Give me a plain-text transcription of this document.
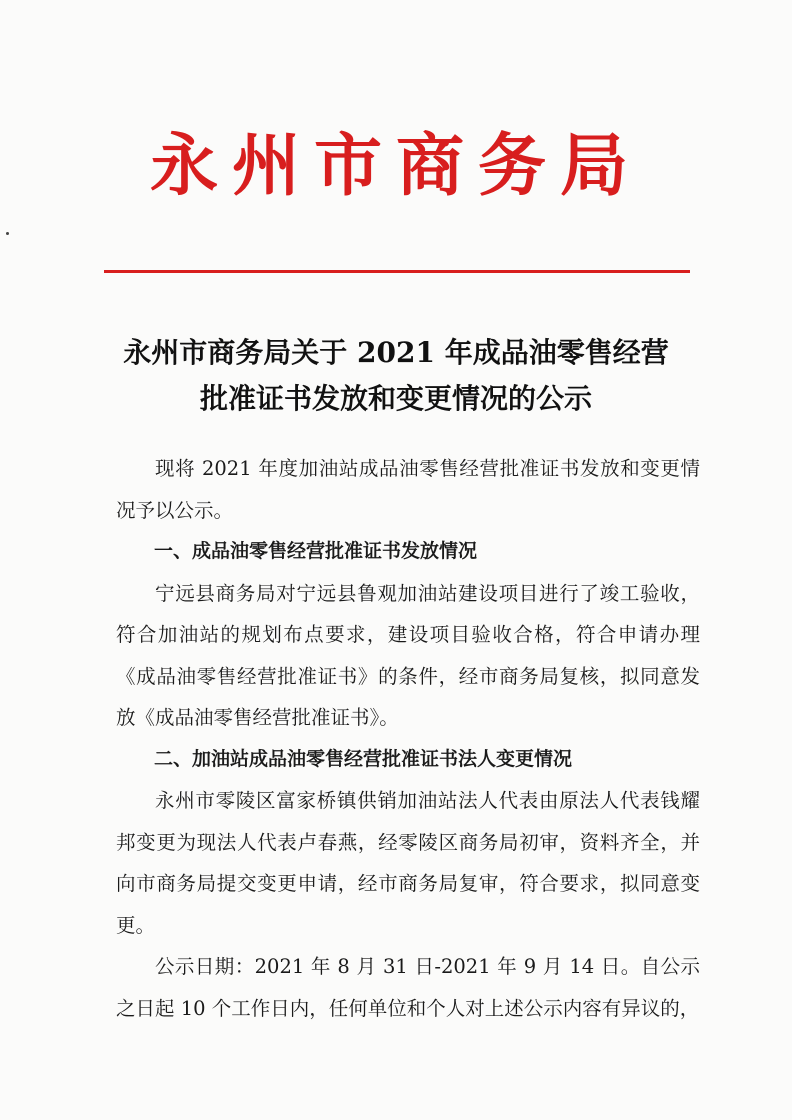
永州市商务局
永州市商务局关于 2021 年成品油零售经营
批准证书发放和变更情况的公示

现将 2021 年度加油站成品油零售经营批准证书发放和变更情况予以公示。

一、成品油零售经营批准证书发放情况

宁远县商务局对宁远县鲁观加油站建设项目进行了竣工验收，符合加油站的规划布点要求，建设项目验收合格，符合申请办理《成品油零售经营批准证书》的条件，经市商务局复核，拟同意发放《成品油零售经营批准证书》。

二、加油站成品油零售经营批准证书法人变更情况

永州市零陵区富家桥镇供销加油站法人代表由原法人代表钱耀邦变更为现法人代表卢春燕，经零陵区商务局初审，资料齐全，并向市商务局提交变更申请，经市商务局复审，符合要求，拟同意变更。

公示日期：2021 年 8 月 31 日-2021 年 9 月 14 日。自公示之日起 10 个工作日内，任何单位和个人对上述公示内容有异议的，
